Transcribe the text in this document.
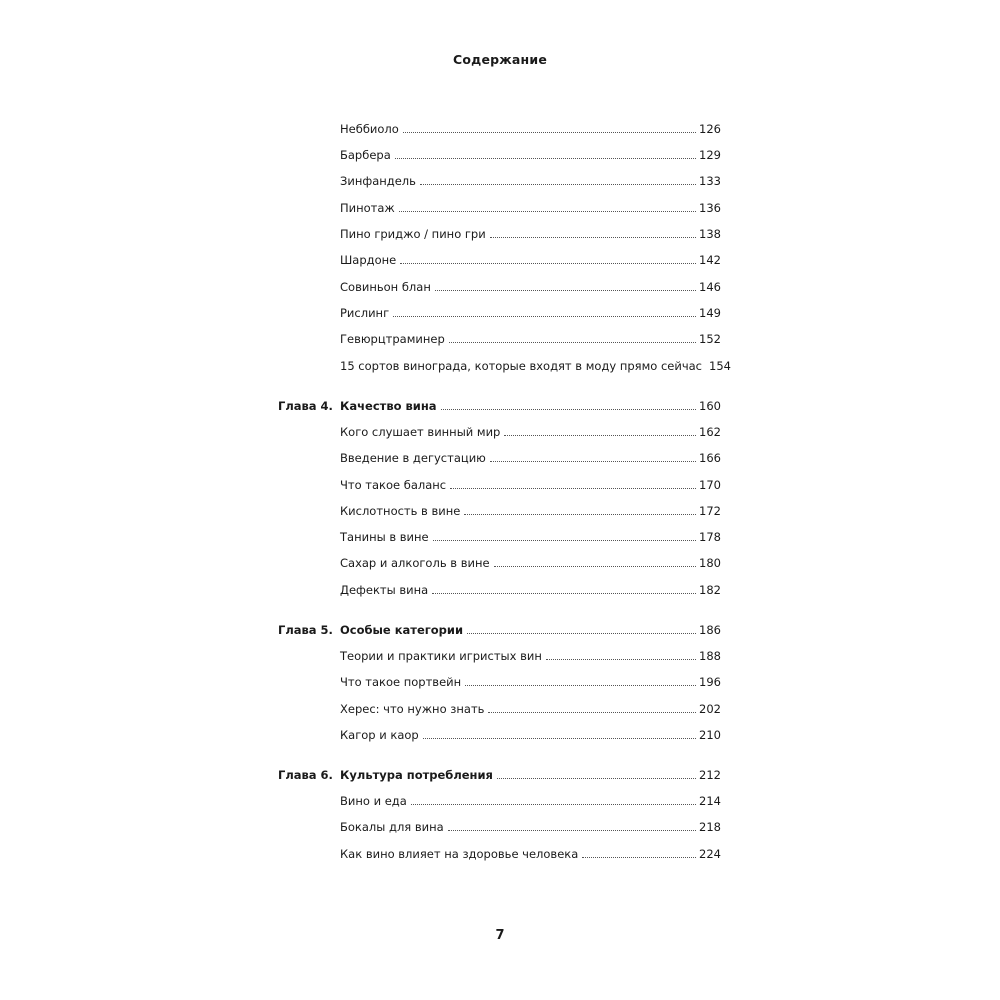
Содержание
Неббиоло	126
Барбера	129
Зинфандель	133
Пинотаж	136
Пино гриджо / пино гри	138
Шардоне	142
Совиньон блан	146
Рислинг	149
Гевюрцтраминер	152
15 сортов винограда, которые входят в моду прямо сейчас 154
Глава 4. Качество вина	160
Кого слушает винный мир	162
Введение в дегустацию	166
Что такое баланс	170
Кислотность в вине	172
Танины в вине	178
Сахар и алкоголь в вине	180
Дефекты вина	182
Глава 5. Особые категории	186
Теории и практики игристых вин	188
Что такое портвейн	196
Херес: что нужно знать	202
Кагор и каор	210
Глава 6. Культура потребления	212
Вино и еда	214
Бокалы для вина	218
Как вино влияет на здоровье человека	224
7
